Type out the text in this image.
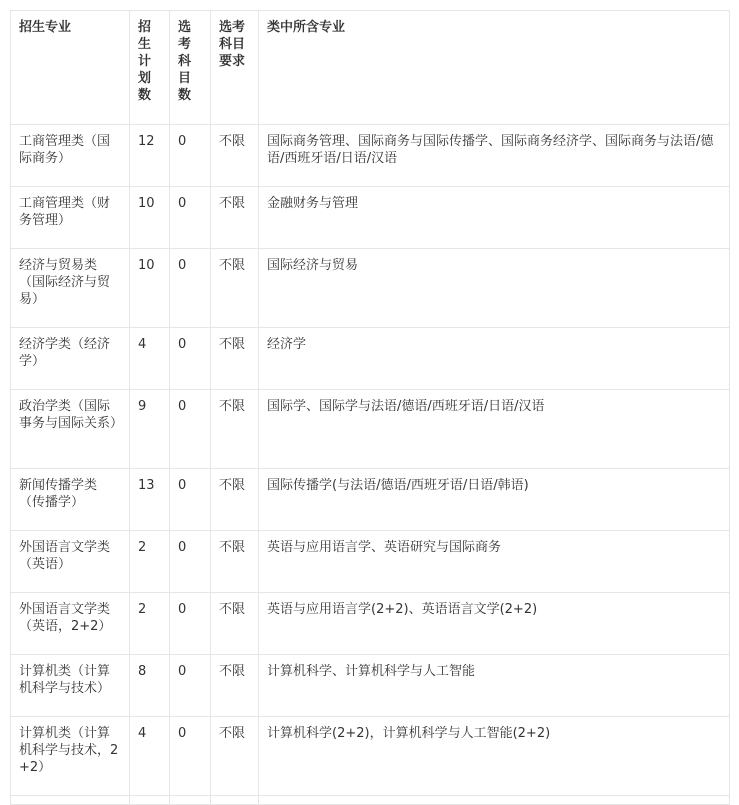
招生专业	招生计划数	选考科目数	选考科目要求	类中所含专业
工商管理类（国际商务）	12	0	不限	国际商务管理、国际商务与国际传播学、国际商务经济学、国际商务与法语/德语/西班牙语/日语/汉语
工商管理类（财务管理）	10	0	不限	金融财务与管理
经济与贸易类（国际经济与贸易）	10	0	不限	国际经济与贸易
经济学类（经济学）	4	0	不限	经济学
政治学类（国际事务与国际关系）	9	0	不限	国际学、国际学与法语/德语/西班牙语/日语/汉语
新闻传播学类（传播学）	13	0	不限	国际传播学(与法语/德语/西班牙语/日语/韩语)
外国语言文学类（英语）	2	0	不限	英语与应用语言学、英语研究与国际商务
外国语言文学类（英语，2+2）	2	0	不限	英语与应用语言学(2+2)、英语语言文学(2+2)
计算机类（计算机科学与技术）	8	0	不限	计算机科学、计算机科学与人工智能
计算机类（计算机科学与技术，2+2）	4	0	不限	计算机科学(2+2)，计算机科学与人工智能(2+2)
